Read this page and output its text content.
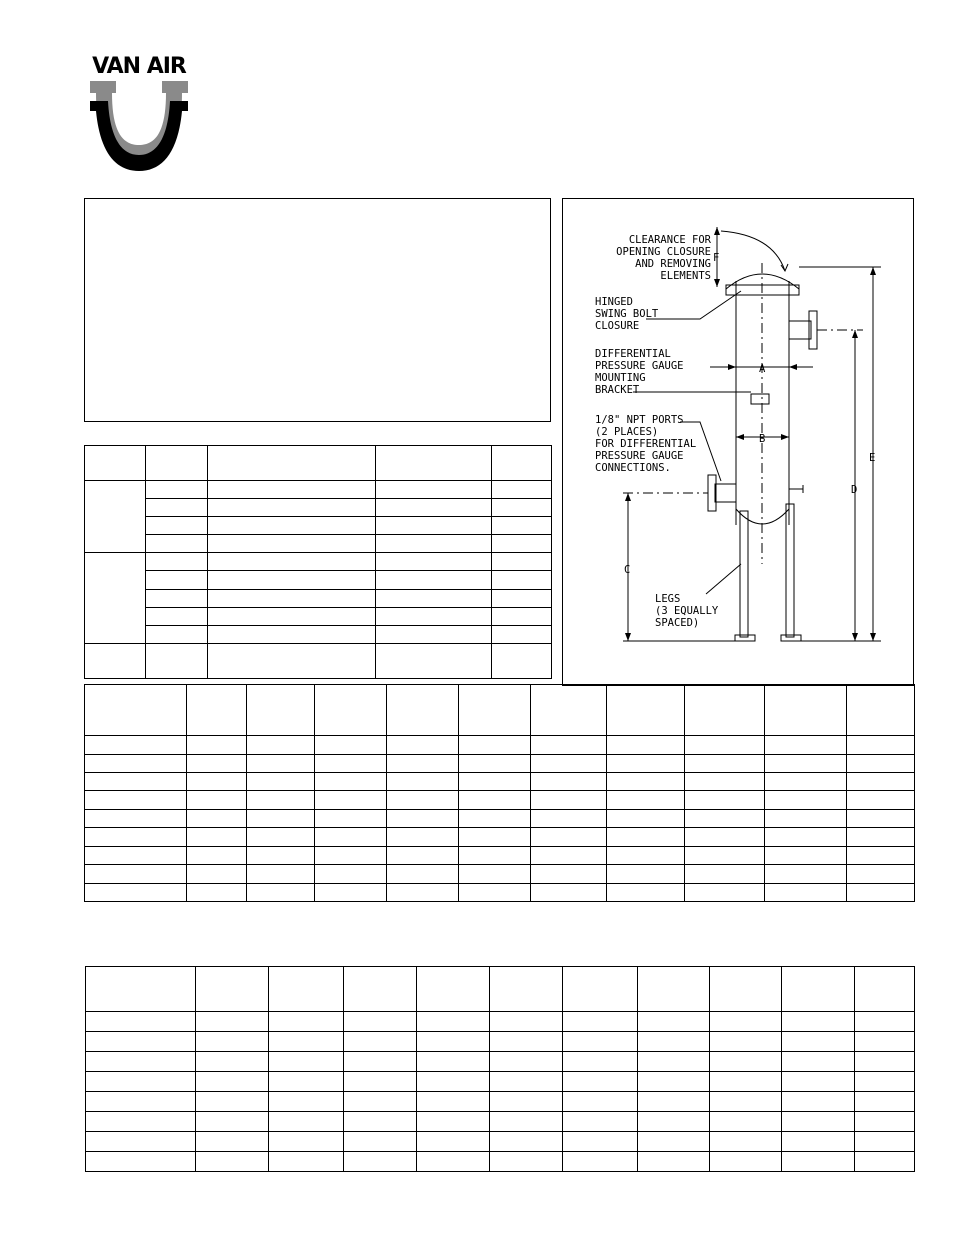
VAN AIR

CLEARANCE FOR
OPENING CLOSURE
AND REMOVING
ELEMENTS
HINGED
SWING BOLT
CLOSURE
DIFFERENTIAL
PRESSURE GAUGE
MOUNTING
BRACKET
1/8" NPT PORTS
(2 PLACES)
FOR DIFFERENTIAL
PRESSURE GAUGE
CONNECTIONS.
LEGS
(3 EQUALLY
SPACED)
A
B
C
D
E
F
